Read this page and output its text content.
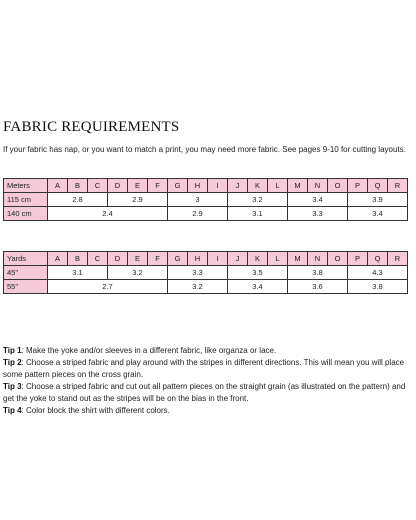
FABRIC REQUIREMENTS
If your fabric has nap, or you want to match a print, you may need more fabric. See pages 9-10 for cutting layouts.
Meters	A	B	C	D	E	F	G	H	I	J	K	L	M	N	O	P	Q	R
115 cm	2.8			2.9			3			3.2			3.4			3.9		
140 cm	2.4						2.9			3.1			3.3			3.4		
Yards	A	B	C	D	E	F	G	H	I	J	K	L	M	N	O	P	Q	R
45"	3.1			3.2			3.3			3.5			3.8			4.3		
55"	2.7						3.2			3.4			3.6			3.8		

Tip 1: Make the yoke and/or sleeves in a different fabric, like organza or lace.

Tip 2: Choose a striped fabric and play around with the stripes in different directions. This will mean you will place some pattern pieces on the cross grain.

Tip 3: Choose a striped fabric and cut out all pattern pieces on the straight grain (as illustrated on the pattern) and get the yoke to stand out as the stripes will be on the bias in the front.

Tip 4: Color block the shirt with different colors.
